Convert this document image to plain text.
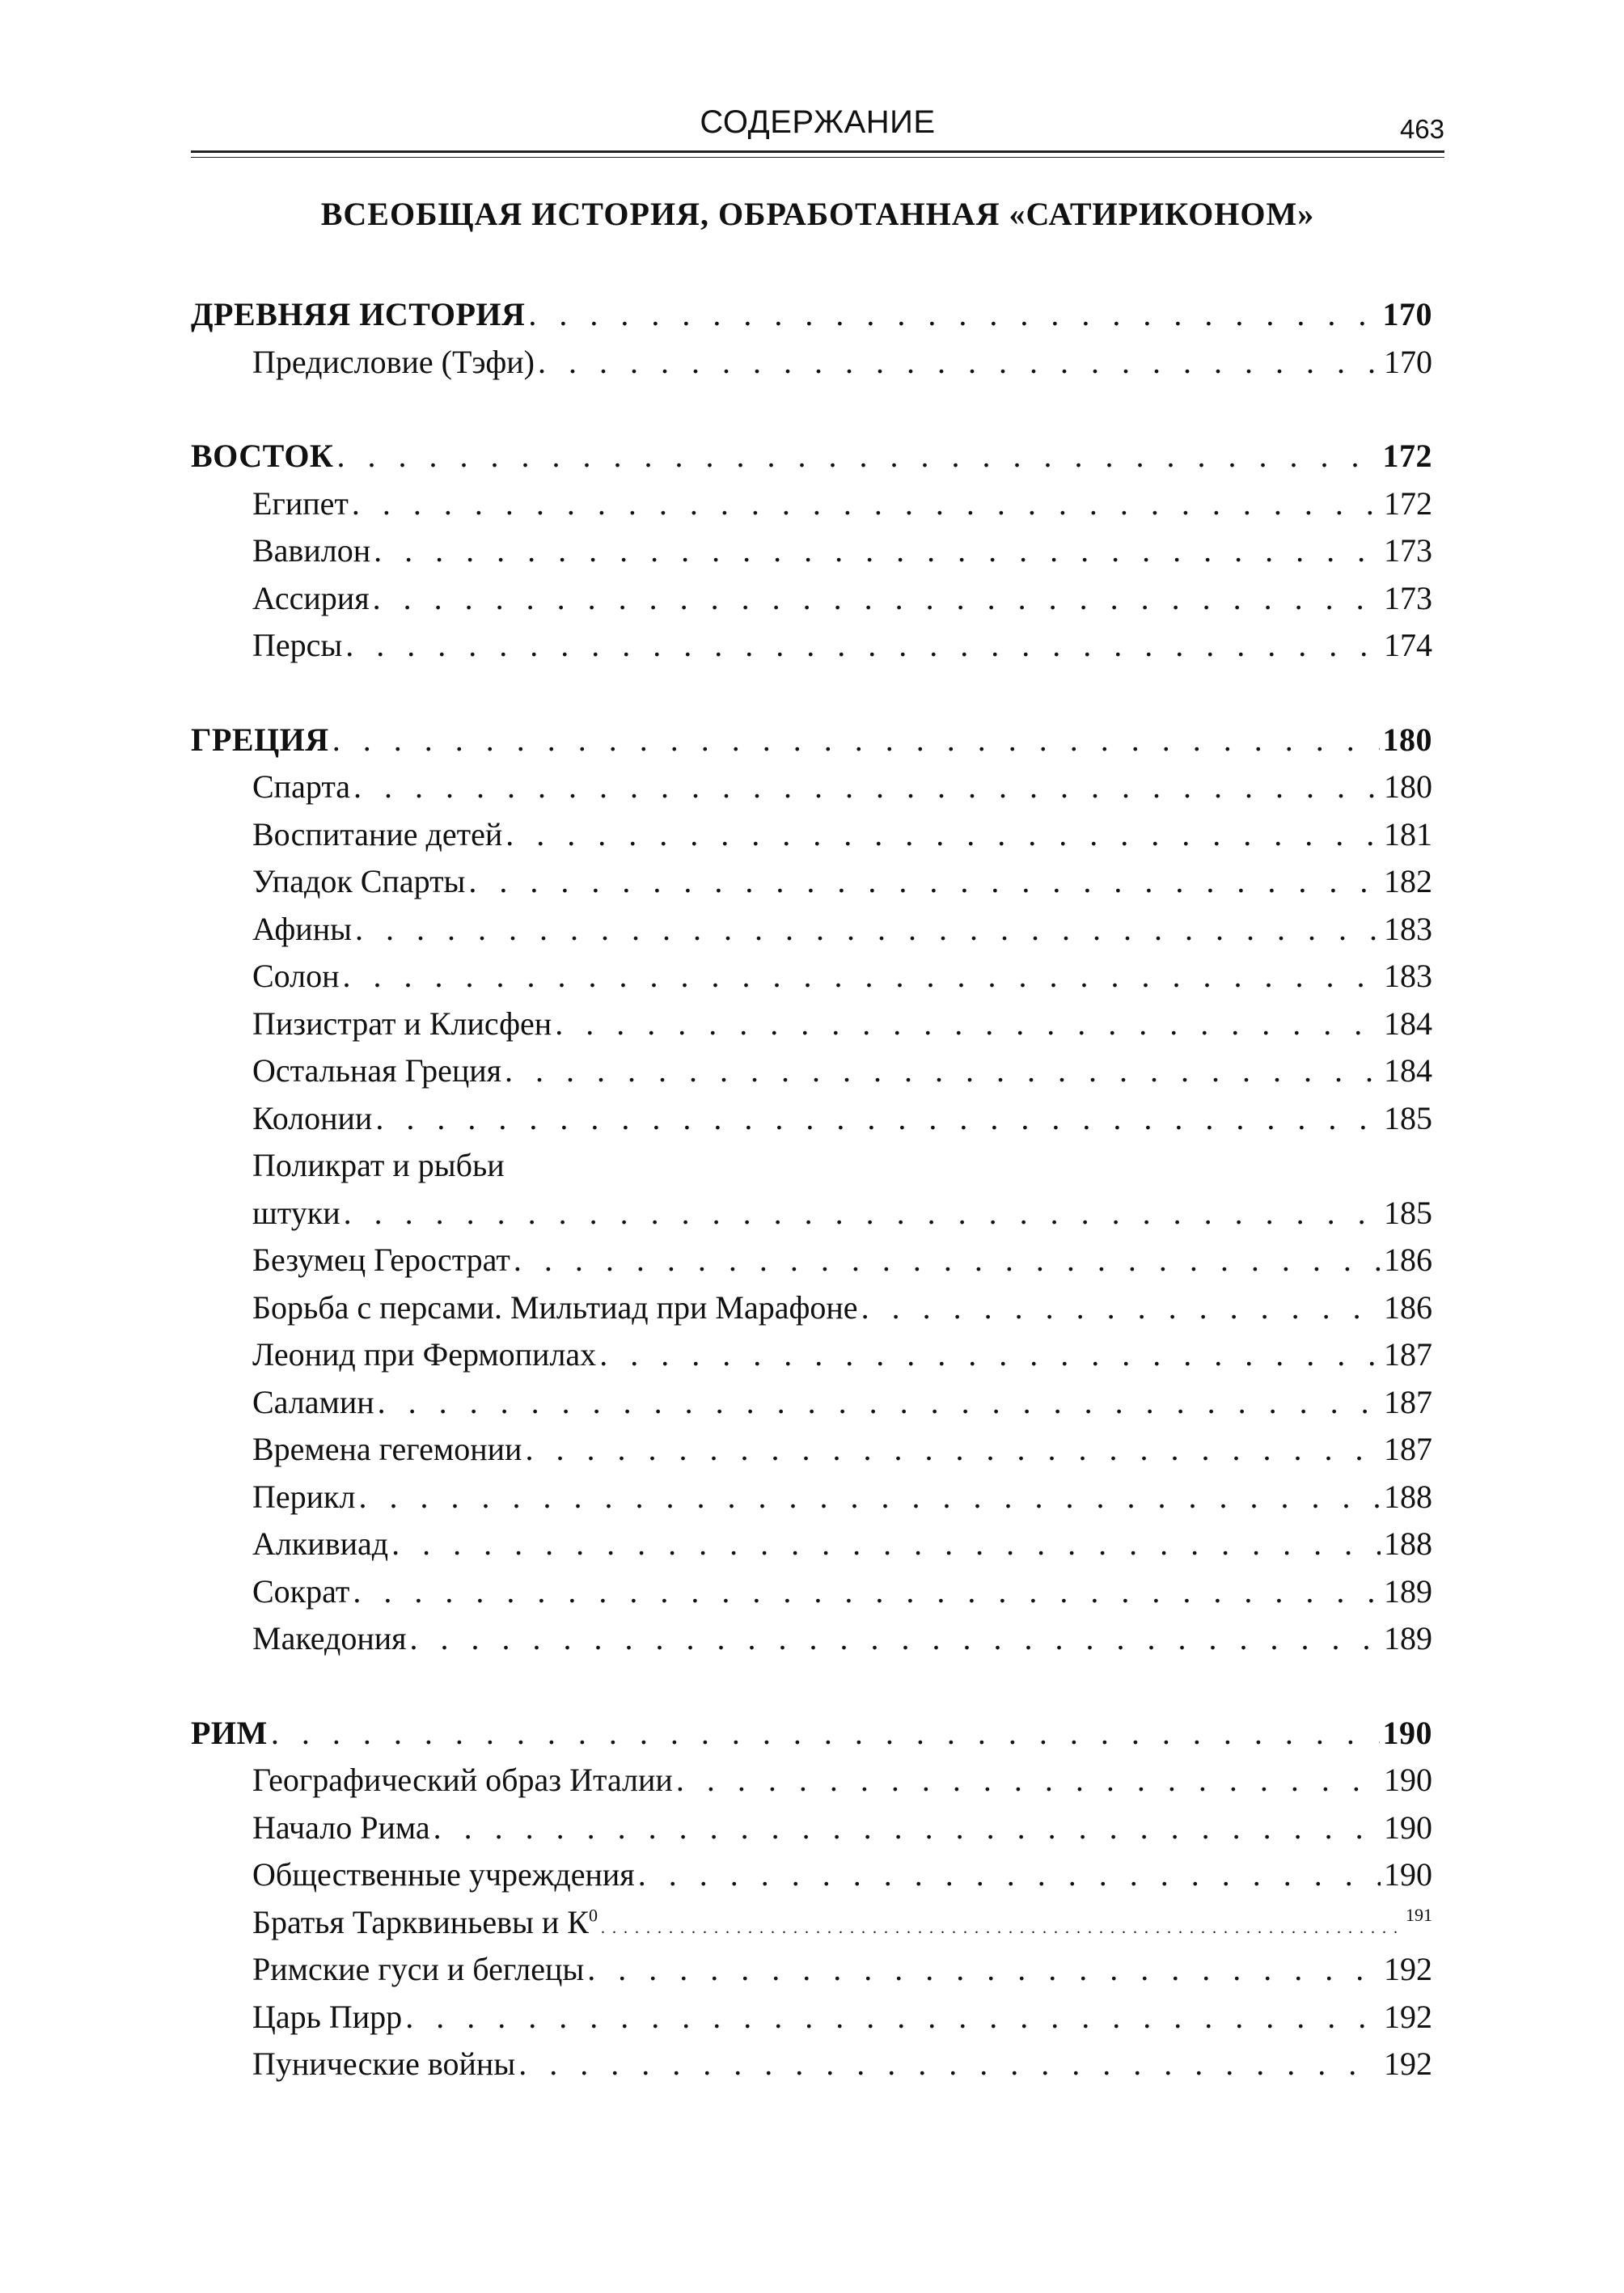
СОДЕРЖАНИЕ	463
ВСЕОБЩАЯ ИСТОРИЯ, ОБРАБОТАННАЯ «САТИРИКОНОМ»
ДРЕВНЯЯ ИСТОРИЯ . . .	170
Предисловие (Тэфи) . . .	170
ВОСТОК . . .	172
Египет . . .	172
Вавилон . . .	173
Ассирия . . .	173
Персы . . .	174
ГРЕЦИЯ . . .	180
Спарта . . .	180
Воспитание детей . . .	181
Упадок Спарты . . .	182
Афины . . .	183
Солон . . .	183
Пизистрат и Клисфен . . .	184
Остальная Греция . . .	184
Колонии . . .	185
Поликрат и рыбьи
штуки . . .	185
Безумец Герострат . . .	186
Борьба с персами. Мильтиад при Марафоне . . .	186
Леонид при Фермопилах . . .	187
Саламин . . .	187
Времена гегемонии . . .	187
Перикл . . .	188
Алкивиад . . .	188
Сократ . . .	189
Македония . . .	189
РИМ . . .	190
Географический образ Италии . . .	190
Начало Рима . . .	190
Общественные учреждения . . .	190
Братья Тарквиньевы и $К^0$ . . .	191
Римские гуси и беглецы . . .	192
Царь Пирр . . .	192
Пунические войны . . .	192
